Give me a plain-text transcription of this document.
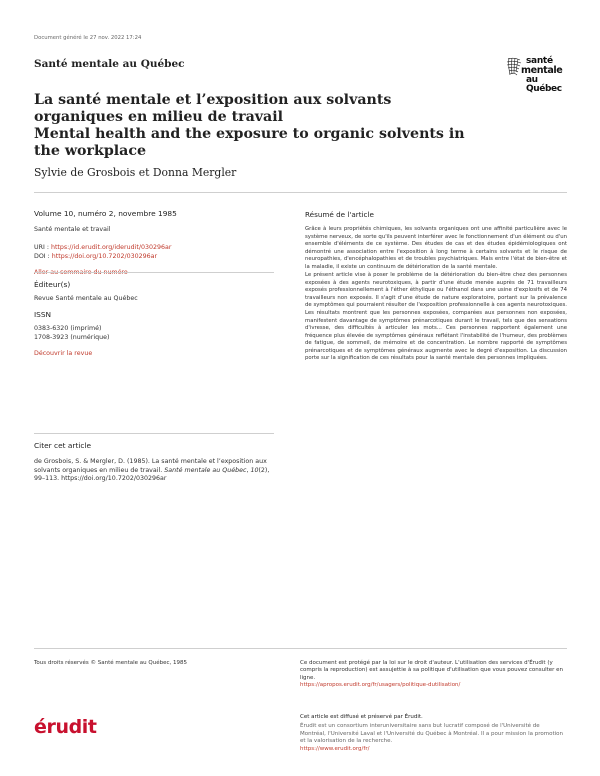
Document généré le 27 nov. 2022 17:24
Santé mentale au Québec	santé
mentale
au Québec
La santé mentale et l’exposition aux solvants organiques en milieu de travail
Mental health and the exposure to organic solvents in the workplace
Sylvie de Grosbois et Donna Mergler
Volume 10, numéro 2, novembre 1985
Santé mentale et travail
URI : https://id.erudit.org/iderudit/030296ar
DOI : https://doi.org/10.7202/030296ar
Éditeur(s)
Revue Santé mentale au Québec
ISSN
0383-6320 (imprimé)
1708-3923 (numérique)
Découvrir la revue
Citer cet article
de Grosbois, S. & Mergler, D. (1985). La santé mentale et l’exposition aux solvants organiques en milieu de travail. Santé mentale au Québec, 10(2), 99–113. https://doi.org/10.7202/030296ar
Résumé de l'article

Grâce à leurs propriétés chimiques, les solvants organiques ont une affinité particulière avec le système nerveux, de sorte qu'ils peuvent interférer avec le fonctionnement d'un élément ou d'un ensemble d'éléments de ce système. Des études de cas et des études épidémiologiques ont démontré une association entre l'exposition à long terme à certains solvants et le risque de neuropathies, d'encéphalopathies et de troubles psychiatriques. Mais entre l'état de bien-être et la maladie, il existe un continuum de détérioration de la santé mentale.

Le présent article vise à poser le problème de la détérioration du bien-être chez des personnes exposées à des agents neurotoxiques, à partir d'une étude menée auprès de 71 travailleurs exposés professionnellement à l'éther éthylique ou l'éthanol dans une usine d'explosifs et de 74 travailleurs non exposés. Il s'agit d'une étude de nature exploratoire, portant sur la prévalence de symptômes qui pourraient résulter de l'exposition professionnelle à ces agents neurotoxiques. Les résultats montrent que les personnes exposées, comparées aux personnes non exposées, manifestent davantage de symptômes prénarcotiques durant le travail, tels que des sensations d'ivresse, des difficultés à articuler les mots... Ces personnes rapportent également une fréquence plus élevée de symptômes généraux reflétant l'instabilité de l'humeur, des problèmes de fatigue, de sommeil, de mémoire et de concentration. Le nombre rapporté de symptômes prénarcotiques et de symptômes généraux augmente avec le degré d'exposition. La discussion porte sur la signification de ces résultats pour la santé mentale des personnes impliquées.

Tous droits réservés © Santé mentale au Québec, 1985	Ce document est protégé par la loi sur le droit d'auteur. L'utilisation des services d'Érudit (y compris la reproduction) est assujettie à sa politique d'utilisation que vous pouvez consulter en ligne.
https://apropos.erudit.org/fr/usagers/politique-dutilisation/
érudit	Cet article est diffusé et préservé par Érudit.
Érudit est un consortium interuniversitaire sans but lucratif composé de l'Université de Montréal, l'Université Laval et l'Université du Québec à Montréal. Il a pour mission la promotion et la valorisation de la recherche.
https://www.erudit.org/fr/
